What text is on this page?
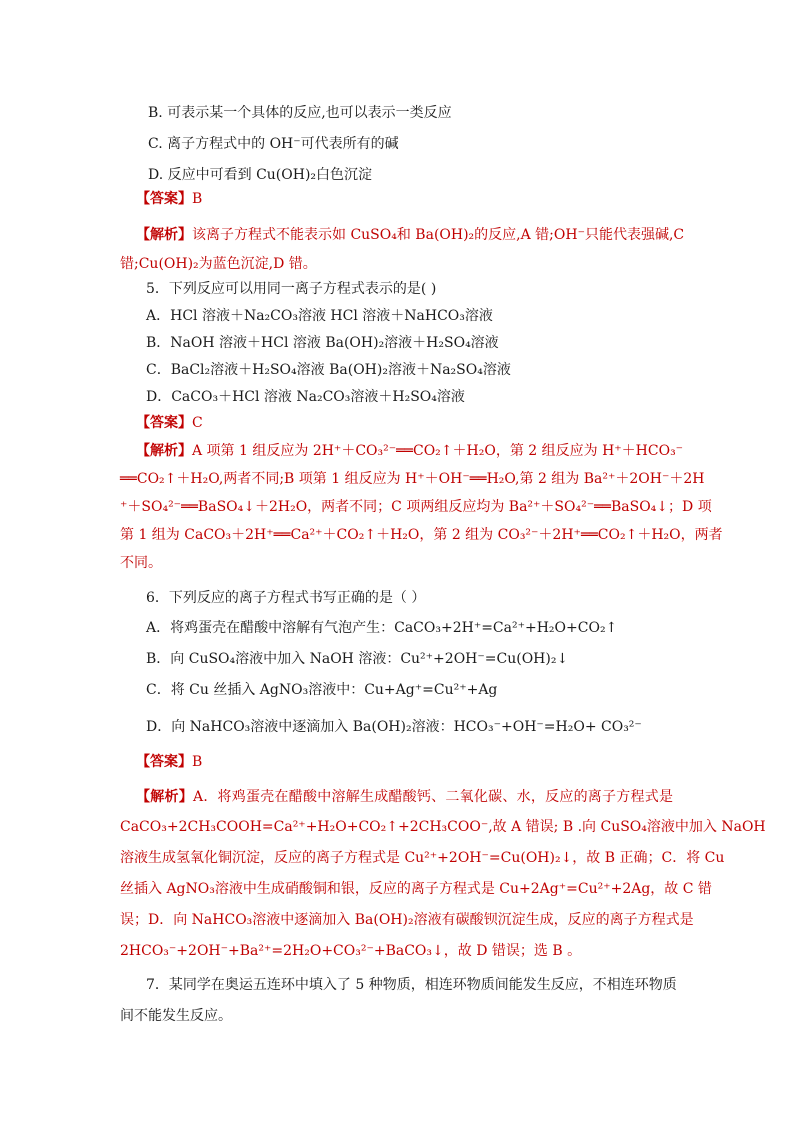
B. 可表示某一个具体的反应,也可以表示一类反应
C. 离子方程式中的 OH⁻可代表所有的碱
D. 反应中可看到 Cu(OH)₂白色沉淀
【答案】B
【解析】该离子方程式不能表示如 CuSO₄和 Ba(OH)₂的反应,A 错;OH⁻只能代表强碱,C
错;Cu(OH)₂为蓝色沉淀,D 错。
5．下列反应可以用同一离子方程式表示的是( )
A．HCl 溶液＋Na₂CO₃溶液 HCl 溶液＋NaHCO₃溶液
B．NaOH 溶液＋HCl 溶液 Ba(OH)₂溶液＋H₂SO₄溶液
C．BaCl₂溶液＋H₂SO₄溶液 Ba(OH)₂溶液＋Na₂SO₄溶液
D．CaCO₃＋HCl 溶液 Na₂CO₃溶液＋H₂SO₄溶液
【答案】C
【解析】A 项第 1 组反应为 2H⁺＋CO₃²⁻══CO₂↑＋H₂O，第 2 组反应为 H⁺＋HCO₃⁻
══CO₂↑＋H₂O,两者不同;B 项第 1 组反应为 H⁺＋OH⁻══H₂O,第 2 组为 Ba²⁺＋2OH⁻＋2H
⁺＋SO₄²⁻══BaSO₄↓＋2H₂O，两者不同；C 项两组反应均为 Ba²⁺＋SO₄²⁻══BaSO₄↓；D 项
第 1 组为 CaCO₃＋2H⁺══Ca²⁺＋CO₂↑＋H₂O，第 2 组为 CO₃²⁻＋2H⁺══CO₂↑＋H₂O，两者
不同。
6．下列反应的离子方程式书写正确的是（ ）
A．将鸡蛋壳在醋酸中溶解有气泡产生：CaCO₃+2H⁺=Ca²⁺+H₂O+CO₂↑
B．向 CuSO₄溶液中加入 NaOH 溶液：Cu²⁺+2OH⁻=Cu(OH)₂↓
C．将 Cu 丝插入 AgNO₃溶液中：Cu+Ag⁺=Cu²⁺+Ag
D．向 NaHCO₃溶液中逐滴加入 Ba(OH)₂溶液：HCO₃⁻+OH⁻=H₂O+ CO₃²⁻
【答案】B
【解析】A．将鸡蛋壳在醋酸中溶解生成醋酸钙、二氧化碳、水，反应的离子方程式是
CaCO₃+2CH₃COOH=Ca²⁺+H₂O+CO₂↑+2CH₃COO⁻,故 A 错误; B .向 CuSO₄溶液中加入 NaOH
溶液生成氢氧化铜沉淀，反应的离子方程式是 Cu²⁺+2OH⁻=Cu(OH)₂↓，故 B 正确；C．将 Cu
丝插入 AgNO₃溶液中生成硝酸铜和银，反应的离子方程式是 Cu+2Ag⁺=Cu²⁺+2Ag，故 C 错
误；D．向 NaHCO₃溶液中逐滴加入 Ba(OH)₂溶液有碳酸钡沉淀生成，反应的离子方程式是
2HCO₃⁻+2OH⁻+Ba²⁺=2H₂O+CO₃²⁻+BaCO₃↓，故 D 错误；选 B 。
7．某同学在奥运五连环中填入了 5 种物质，相连环物质间能发生反应，不相连环物质
间不能发生反应。
